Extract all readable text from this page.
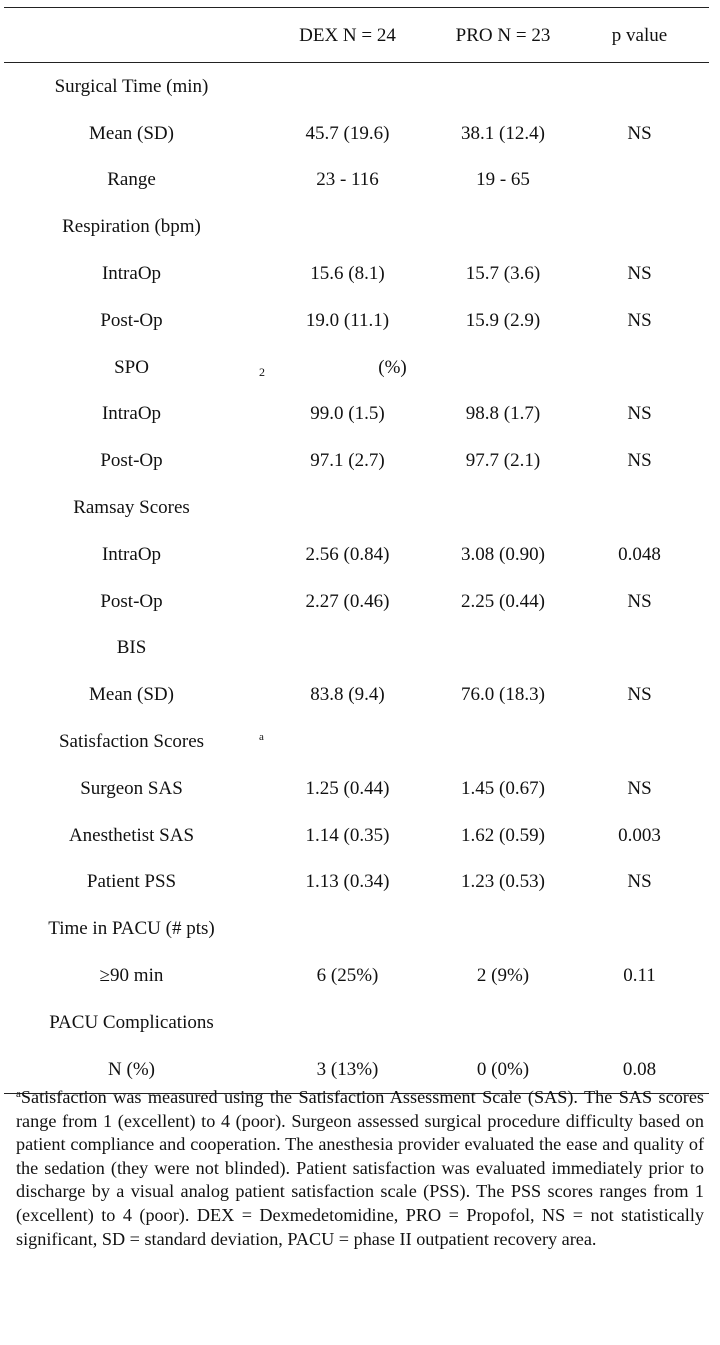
	DEX N = 24	PRO N = 23	p value
Surgical Time (min)			
Mean (SD)	45.7 (19.6)	38.1 (12.4)	NS
Range	23 - 116	19 - 65	
Respiration (bpm)			
IntraOp	15.6 (8.1)	15.7 (3.6)	NS
Post-Op	19.0 (11.1)	15.9 (2.9)	NS
SPO $_2$ (%)			
IntraOp	99.0 (1.5)	98.8 (1.7)	NS
Post-Op	97.1 (2.7)	97.7 (2.1)	NS
Ramsay Scores			
IntraOp	2.56 (0.84)	3.08 (0.90)	0.048
Post-Op	2.27 (0.46)	2.25 (0.44)	NS
BIS			
Mean (SD)	83.8 (9.4)	76.0 (18.3)	NS
Satisfaction Scores $^a$
Surgeon SAS	1.25 (0.44)	1.45 (0.67)	NS
Anesthetist SAS	1.14 (0.35)	1.62 (0.59)	0.003
Patient PSS	1.13 (0.34)	1.23 (0.53)	NS
Time in PACU (# pts)			
≥90 min	6 (25%)	2 (9%)	0.11
PACU Complications			
N (%)	3 (13%)	0 (0%)	0.08
$^a$Satisfaction was measured using the Satisfaction Assessment Scale (SAS). The SAS scores range from 1 (excellent) to 4 (poor). Surgeon assessed surgical procedure difficulty based on patient compliance and cooperation. The anesthesia provider evaluated the ease and quality of the sedation (they were not blinded). Patient satisfaction was evaluated immediately prior to discharge by a visual analog patient satisfaction scale (PSS). The PSS scores ranges from 1 (excellent) to 4 (poor). DEX = Dexmedetomidine, PRO = Propofol, NS = not statistically significant, SD = standard deviation, PACU = phase II outpatient recovery area.
